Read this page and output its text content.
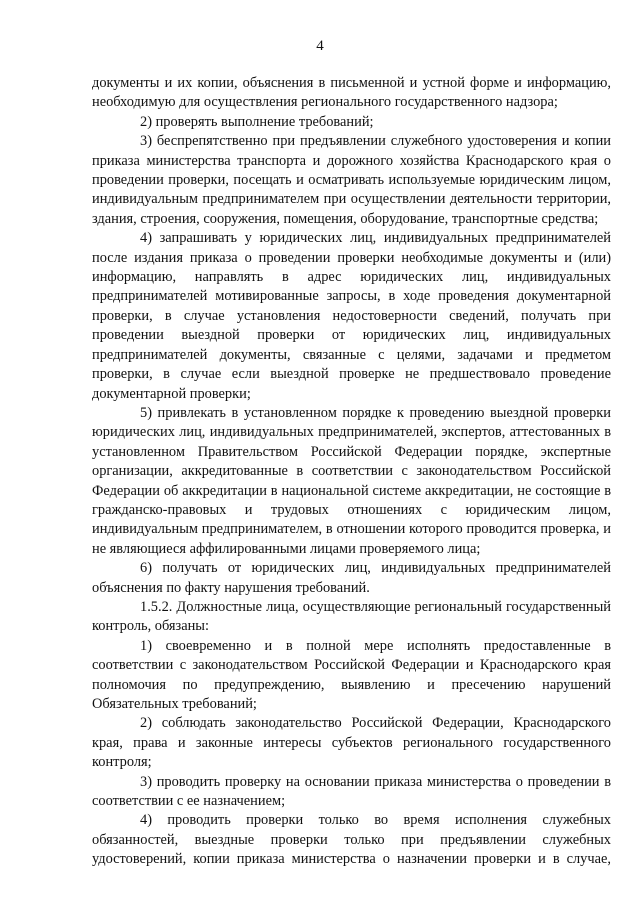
4

документы и их копии, объяснения в письменной и устной форме и информацию, необходимую для осуществления регионального государственного надзора;

2) проверять выполнение требований;

3) беспрепятственно при предъявлении служебного удостоверения и копии приказа министерства транспорта и дорожного хозяйства Краснодарского края о проведении проверки, посещать и осматривать используемые юридическим лицом, индивидуальным предпринимателем при осуществлении деятельности территории, здания, строения, сооружения, помещения, оборудование, транспортные средства;

4) запрашивать у юридических лиц, индивидуальных предпринимателей после издания приказа о проведении проверки необходимые документы и (или) информацию, направлять в адрес юридических лиц, индивидуальных предпринимателей мотивированные запросы, в ходе проведения документарной проверки, в случае установления недостоверности сведений, получать при проведении выездной проверки от юридических лиц, индивидуальных предпринимателей документы, связанные с целями, задачами и предметом проверки, в случае если выездной проверке не предшествовало проведение документарной проверки;

5) привлекать в установленном порядке к проведению выездной проверки юридических лиц, индивидуальных предпринимателей, экспертов, аттестованных в установленном Правительством Российской Федерации порядке, экспертные организации, аккредитованные в соответствии с законодательством Российской Федерации об аккредитации в национальной системе аккредитации, не состоящие в гражданско-правовых и трудовых отношениях с юридическим лицом, индивидуальным предпринимателем, в отношении которого проводится проверка, и не являющиеся аффилированными лицами проверяемого лица;

6) получать от юридических лиц, индивидуальных предпринимателей объяснения по факту нарушения требований.

1.5.2. Должностные лица, осуществляющие региональный государственный контроль, обязаны:

1) своевременно и в полной мере исполнять предоставленные в соответствии с законодательством Российской Федерации и Краснодарского края полномочия по предупреждению, выявлению и пресечению нарушений Обязательных требований;

2) соблюдать законодательство Российской Федерации, Краснодарского края, права и законные интересы субъектов регионального государственного контроля;

3) проводить проверку на основании приказа министерства о проведении в соответствии с ее назначением;

4) проводить проверки только во время исполнения служебных обязанностей, выездные проверки только при предъявлении служебных удостоверений, копии приказа министерства о назначении проверки и в случае,
